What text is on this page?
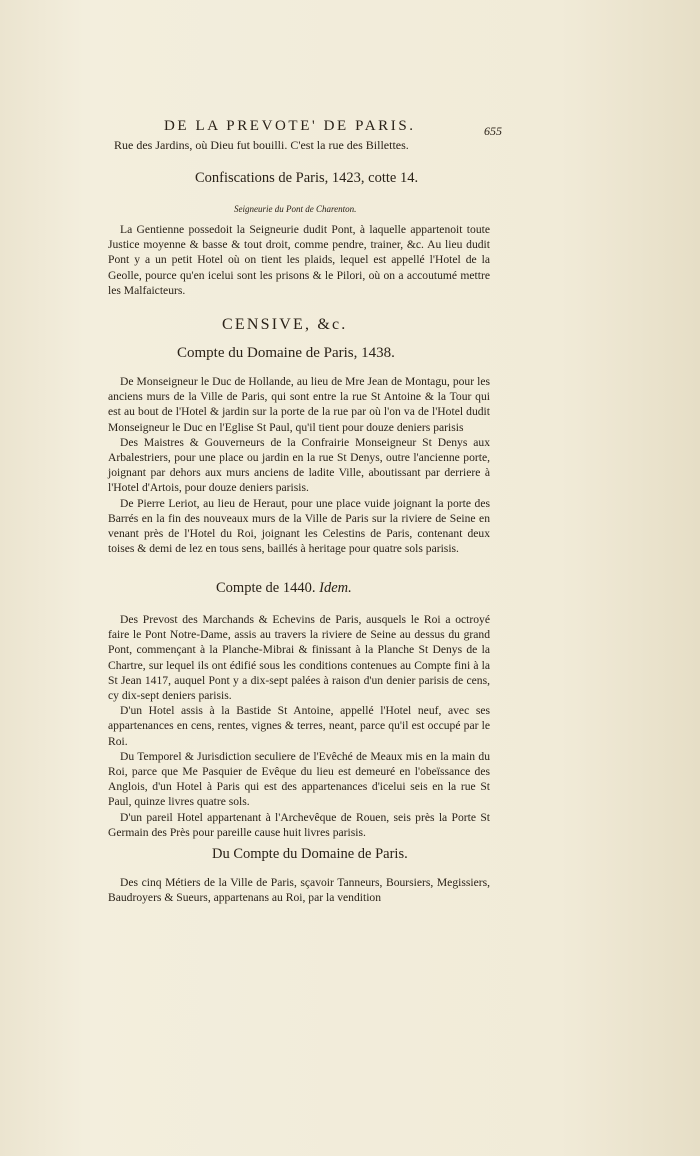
DE LA PREVOTE' DE PARIS.	655
Rue des Jardins, où Dieu fut bouilli. C'est la rue des Billettes.
Confiscations de Paris, 1423, cotte 14.
Seigneurie du Pont de Charenton.

La Gentienne possedoit la Seigneurie dudit Pont, à laquelle appartenoit toute Justice moyenne & basse & tout droit, comme pendre, trainer, &c. Au lieu dudit Pont y a un petit Hotel où on tient les plaids, lequel est appellé l'Hotel de la Geolle, pource qu'en icelui sont les prisons & le Pilori, où on a accoutumé mettre les Malfaicteurs.

CENSIVE, &c.
Compte du Domaine de Paris, 1438.

De Monseigneur le Duc de Hollande, au lieu de Mre Jean de Montagu, pour les anciens murs de la Ville de Paris, qui sont entre la rue St Antoine & la Tour qui est au bout de l'Hotel & jardin sur la porte de la rue par où l'on va de l'Hotel dudit Monseigneur le Duc en l'Eglise St Paul, qu'il tient pour douze deniers parisis

Des Maistres & Gouverneurs de la Confrairie Monseigneur St Denys aux Arbalestriers, pour une place ou jardin en la rue St Denys, outre l'ancienne porte, joignant par dehors aux murs anciens de ladite Ville, aboutissant par derriere à l'Hotel d'Artois, pour douze deniers parisis.

De Pierre Leriot, au lieu de Heraut, pour une place vuide joignant la porte des Barrés en la fin des nouveaux murs de la Ville de Paris sur la riviere de Seine en venant près de l'Hotel du Roi, joignant les Celestins de Paris, contenant deux toises & demi de lez en tous sens, baillés à heritage pour quatre sols parisis.

Compte de 1440. Idem.

Des Prevost des Marchands & Echevins de Paris, ausquels le Roi a octroyé faire le Pont Notre-Dame, assis au travers la riviere de Seine au dessus du grand Pont, commençant à la Planche-Mibrai & finissant à la Planche St Denys de la Chartre, sur lequel ils ont édifié sous les conditions contenues au Compte fini à la St Jean 1417, auquel Pont y a dix-sept palées à raison d'un denier parisis de cens, cy dix-sept deniers parisis.

D'un Hotel assis à la Bastide St Antoine, appellé l'Hotel neuf, avec ses appartenances en cens, rentes, vignes & terres, neant, parce qu'il est occupé par le Roi.

Du Temporel & Jurisdiction seculiere de l'Evêché de Meaux mis en la main du Roi, parce que Me Pasquier de Evêque du lieu est demeuré en l'obeïssance des Anglois, d'un Hotel à Paris qui est des appartenances d'icelui seis en la rue St Paul, quinze livres quatre sols.

D'un pareil Hotel appartenant à l'Archevêque de Rouen, seis près la Porte St Germain des Près pour pareille cause huit livres parisis.

Du Compte du Domaine de Paris.

Des cinq Métiers de la Ville de Paris, sçavoir Tanneurs, Boursiers, Megissiers, Baudroyers & Sueurs, appartenans au Roi, par la vendition
